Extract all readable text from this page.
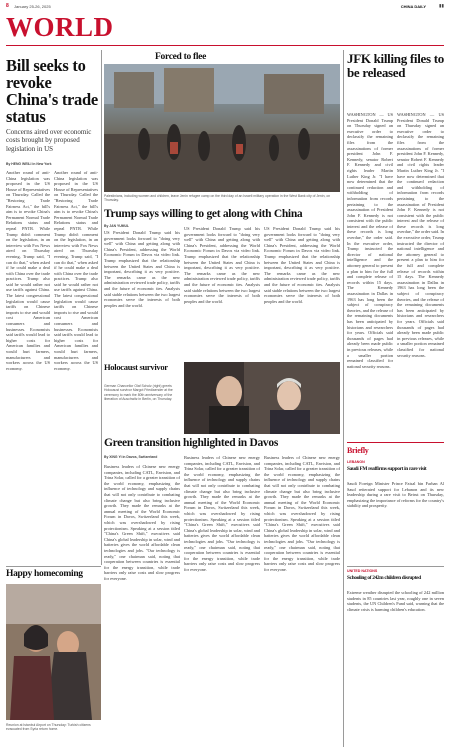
8 January 25-26, 2025	CHINA DAILY	▮▮
WORLD
Bill seeks to revoke China's trade status
Concerns aired over economic costs brought by proposed legislation in US
By HENG WEILI in New York
Another round of anti-China legislation was proposed in the US House of Representatives on Thursday. Called the "Restoring Trade Fairness Act," the bill's aim is to revoke China's Permanent Normal Trade Relations status and repeal PNTR. While Trump didn't comment on the legislation, in an interview with Fox News aired on Thursday evening, Trump said, "I can do that," when asked if he could make a deal with China over the trade practices. Trump also said he would rather not use tariffs against China. The latest congressional legislation would cause tariffs on Chinese imports to rise and would cost American consumers and businesses. Economists said tariffs would lead to higher costs for American families and would hurt farmers, manufacturers and workers across the US economy.
Another round of anti-China legislation was proposed in the US House of Representatives on Thursday. Called the "Restoring Trade Fairness Act," the bill's aim is to revoke China's Permanent Normal Trade Relations status and repeal PNTR. While Trump didn't comment on the legislation, in an interview with Fox News aired on Thursday evening, Trump said, "I can do that," when asked if he could make a deal with China over the trade practices. Trump also said he would rather not use tariffs against China. The latest congressional legislation would cause tariffs on Chinese imports to rise and would cost American consumers and businesses. Economists said tariffs would lead to higher costs for American families and would hurt farmers, manufacturers and workers across the US economy.
Forced to flee
Palestinians, including women and children, leave Jenin refugee camp on the third day of an Israeli military operation in the West Bank city of Jenin, on Thursday.
Trump says willing to get along with China
By JAN YUMUL
US President Donald Trump said his government looks forward to "doing very well" with China and getting along with China's President, addressing the World Economic Forum in Davos via video link. Trump emphasized that the relationship between the United States and China is important, describing it as very positive. The remarks came as the new administration reviewed trade policy, tariffs and the future of economic ties. Analysts said stable relations between the two largest economies serve the interests of both peoples and the world.
US President Donald Trump said his government looks forward to "doing very well" with China and getting along with China's President, addressing the World Economic Forum in Davos via video link. Trump emphasized that the relationship between the United States and China is important, describing it as very positive. The remarks came as the new administration reviewed trade policy, tariffs and the future of economic ties. Analysts said stable relations between the two largest economies serve the interests of both peoples and the world.
US President Donald Trump said his government looks forward to "doing very well" with China and getting along with China's President, addressing the World Economic Forum in Davos via video link. Trump emphasized that the relationship between the United States and China is important, describing it as very positive. The remarks came as the new administration reviewed trade policy, tariffs and the future of economic ties. Analysts said stable relations between the two largest economies serve the interests of both peoples and the world.
Holocaust survivor
German Chancellor Olaf Scholz (right) greets Holocaust survivor Margot Friedlaender at the ceremony to mark the 80th anniversary of the liberation of Auschwitz in Berlin, on Thursday.
Green transition highlighted in Davos
By XING Yi in Davos, Switzerland
Business leaders of Chinese new energy companies, including CATL, Envision, and Trina Solar, called for a greater transition of the world economy, emphasizing the influence of technology and supply chains that will not only contribute to combating climate change but also bring inclusive growth. They made the remarks at the annual meeting of the World Economic Forum in Davos, Switzerland this week, which was overshadowed by rising protectionism. Speaking at a session titled "China's Green Shift," executives said China's global leadership in solar, wind and batteries gives the world affordable clean technologies and jobs. "Our technology is ready," one chairman said, noting that cooperation between countries is essential for the energy transition, while trade barriers only raise costs and slow progress for everyone.
Business leaders of Chinese new energy companies, including CATL, Envision, and Trina Solar, called for a greater transition of the world economy, emphasizing the influence of technology and supply chains that will not only contribute to combating climate change but also bring inclusive growth. They made the remarks at the annual meeting of the World Economic Forum in Davos, Switzerland this week, which was overshadowed by rising protectionism. Speaking at a session titled "China's Green Shift," executives said China's global leadership in solar, wind and batteries gives the world affordable clean technologies and jobs. "Our technology is ready," one chairman said, noting that cooperation between countries is essential for the energy transition, while trade barriers only raise costs and slow progress for everyone.
Business leaders of Chinese new energy companies, including CATL, Envision, and Trina Solar, called for a greater transition of the world economy, emphasizing the influence of technology and supply chains that will not only contribute to combating climate change but also bring inclusive growth. They made the remarks at the annual meeting of the World Economic Forum in Davos, Switzerland this week, which was overshadowed by rising protectionism. Speaking at a session titled "China's Green Shift," executives said China's global leadership in solar, wind and batteries gives the world affordable clean technologies and jobs. "Our technology is ready," one chairman said, noting that cooperation between countries is essential for the energy transition, while trade barriers only raise costs and slow progress for everyone.
Happy homecoming
Reunion at Istanbul Airport on Thursday: Turkish citizens evacuated from Syria return home.
JFK killing files to be released
WASHINGTON — US President Donald Trump on Thursday signed an executive order to declassify the remaining files from the assassinations of former president John F. Kennedy, senator Robert F. Kennedy and civil rights leader Martin Luther King Jr. "I have now determined that the continued redaction and withholding of information from records pertaining to the assassination of President John F. Kennedy is not consistent with the public interest and the release of these records is long overdue," the order said. In the executive order, Trump instructed the director of national intelligence and the attorney general to present a plan to him for the full and complete release of records within 15 days. The Kennedy assassination in Dallas in 1963 has long been the subject of conspiracy theories, and the release of the remaining documents has been anticipated by historians and researchers for years. Officials said thousands of pages had already been made public in previous releases, while a smaller portion remained classified for national security reasons.
WASHINGTON — US President Donald Trump on Thursday signed an executive order to declassify the remaining files from the assassinations of former president John F. Kennedy, senator Robert F. Kennedy and civil rights leader Martin Luther King Jr. "I have now determined that the continued redaction and withholding of information from records pertaining to the assassination of President John F. Kennedy is not consistent with the public interest and the release of these records is long overdue," the order said. In the executive order, Trump instructed the director of national intelligence and the attorney general to present a plan to him for the full and complete release of records within 15 days. The Kennedy assassination in Dallas in 1963 has long been the subject of conspiracy theories, and the release of the remaining documents has been anticipated by historians and researchers for years. Officials said thousands of pages had already been made public in previous releases, while a smaller portion remained classified for national security reasons.
Briefly
LEBANON
Saudi FM reaffirms support in rare visit
Saudi Foreign Minister Prince Faisal bin Farhan Al Saud reiterated support for Lebanon and its new leadership during a rare visit to Beirut on Thursday, emphasizing the importance of reforms for the country's stability and prosperity.
UNITED NATIONS
Schooling of 242m children disrupted
Extreme weather disrupted the schooling of 242 million students in 85 countries last year, roughly one in seven students, the UN Children's Fund said, warning that the climate crisis is harming children's education.
